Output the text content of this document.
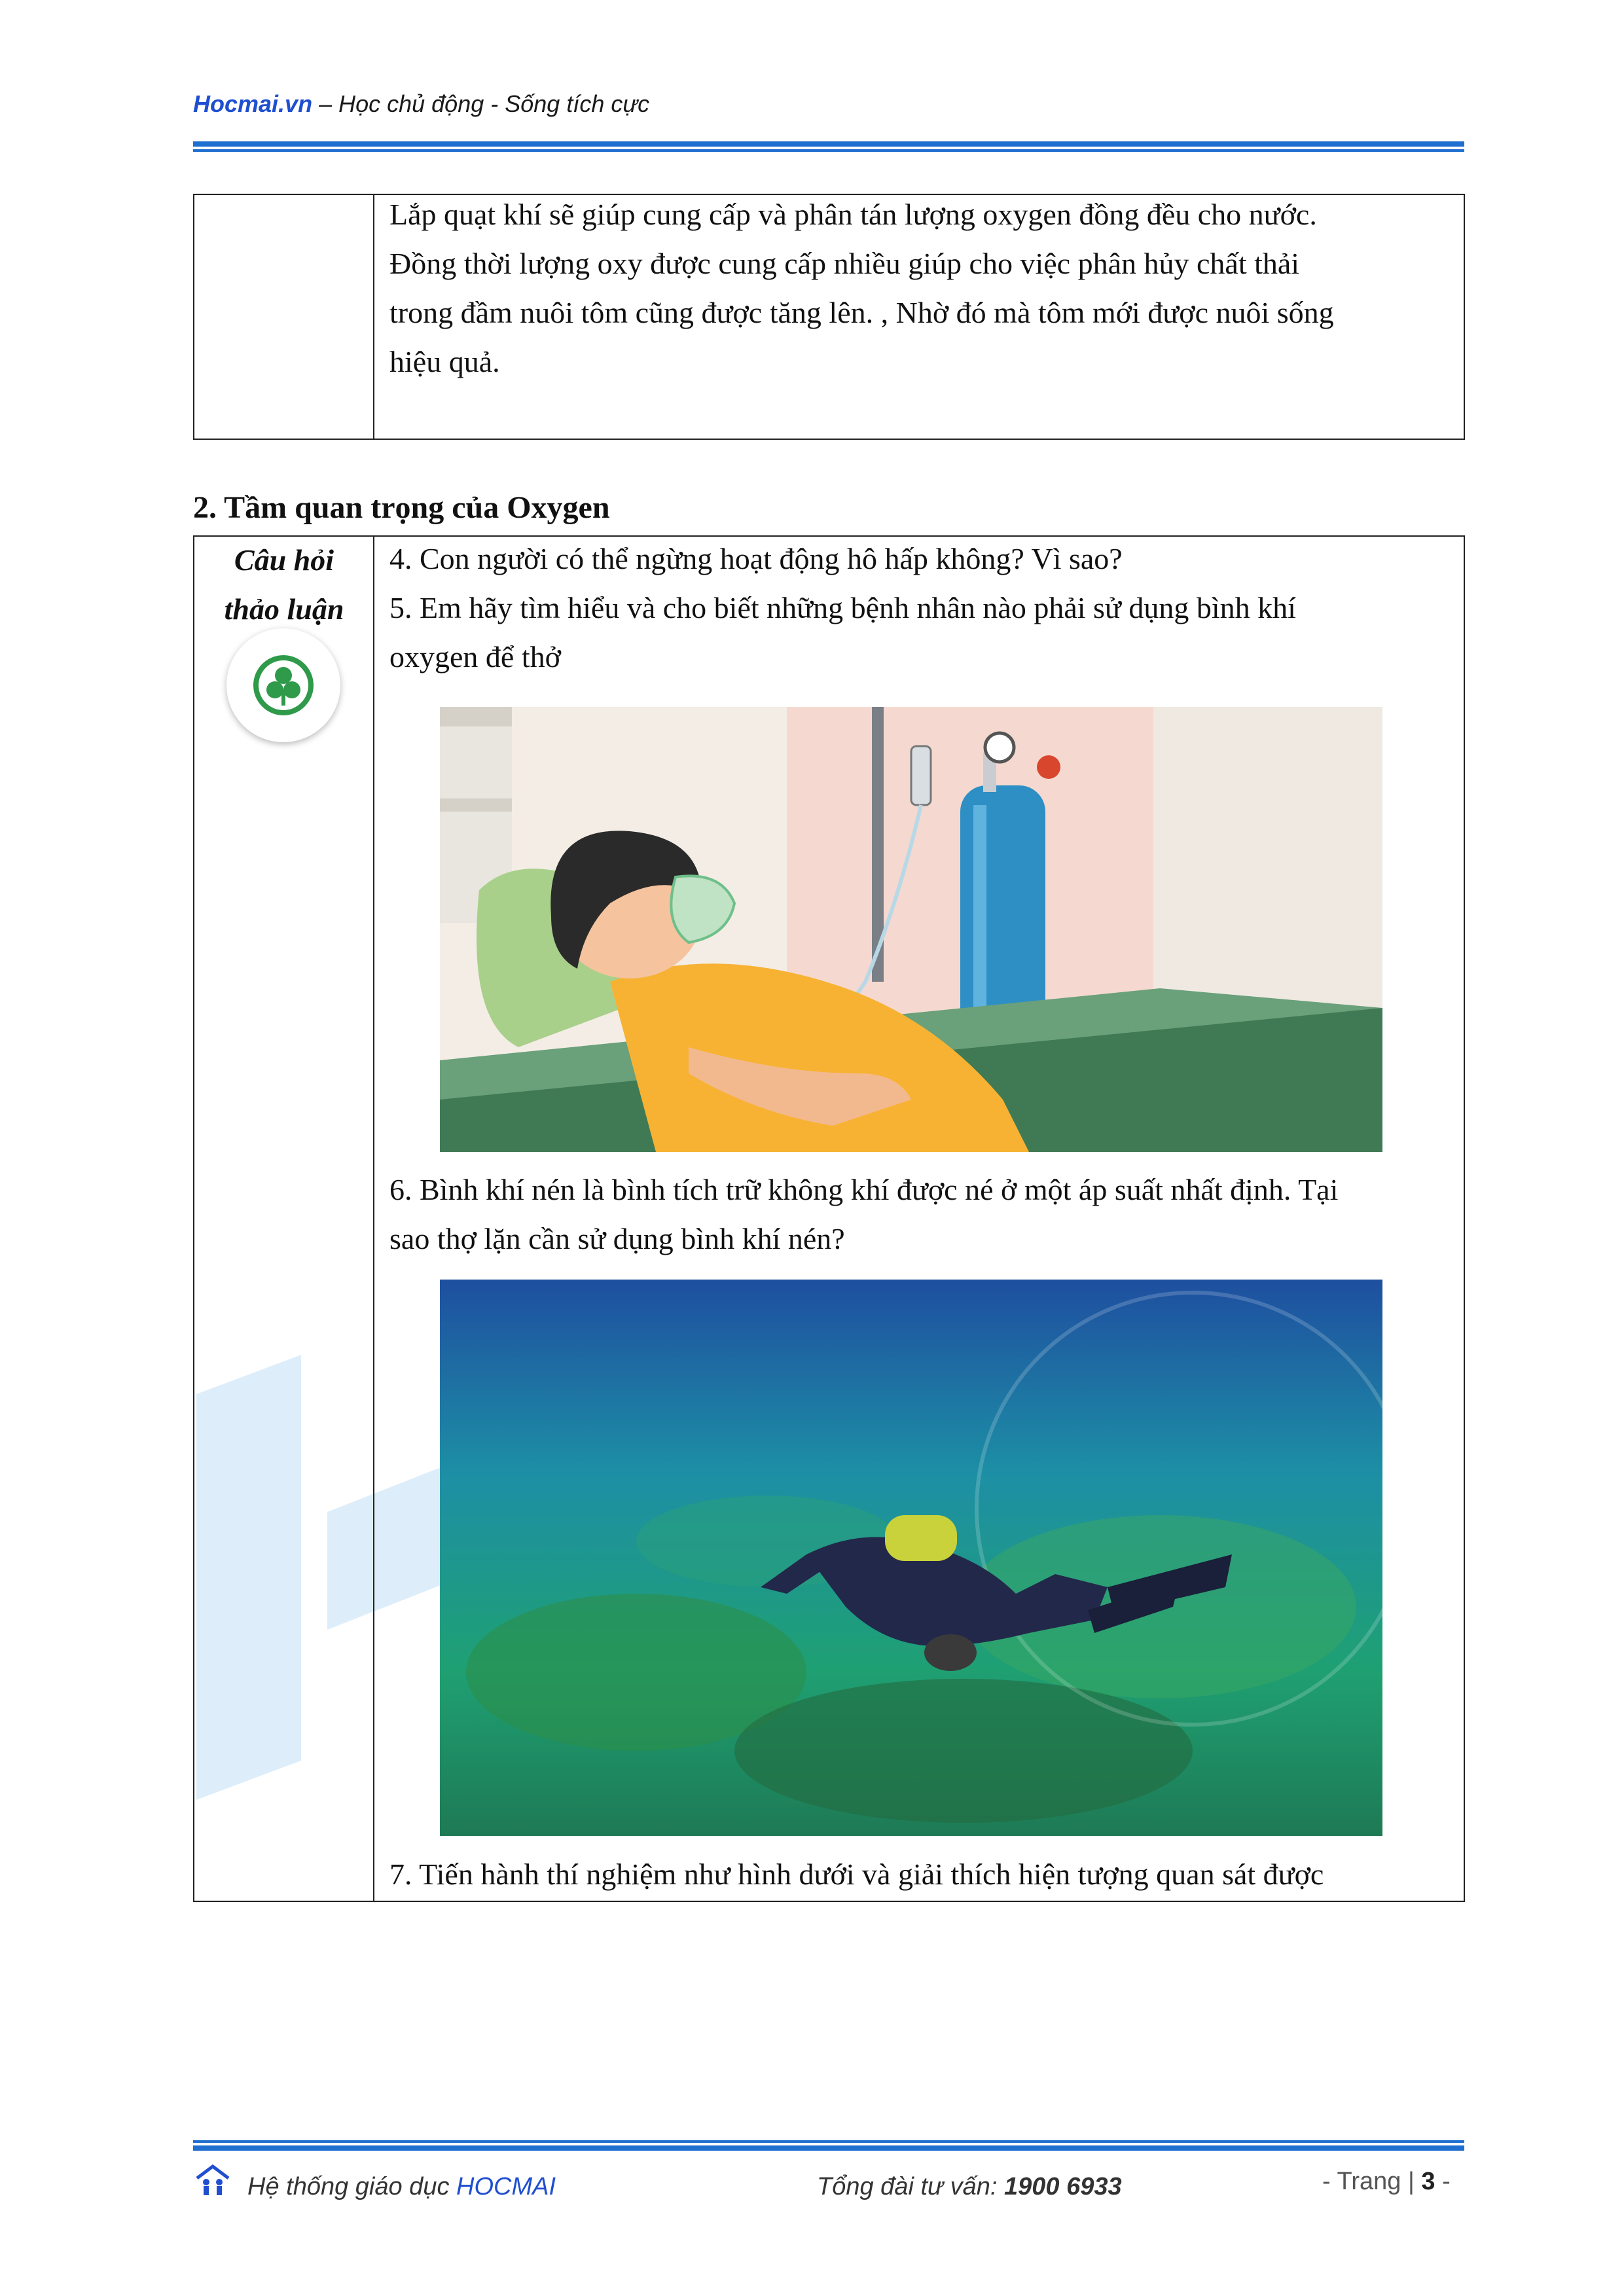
Hocmai.vn – Học chủ động - Sống tích cực
Lắp quạt khí sẽ giúp cung cấp và phân tán lượng oxygen đồng đều cho nước.
Đồng thời lượng oxy được cung cấp nhiều giúp cho việc phân hủy chất thải
trong đầm nuôi tôm cũng được tăng lên. , Nhờ đó mà tôm mới được nuôi sống
hiệu quả.
2. Tầm quan trọng của Oxygen
Câu hỏi
thảo luận
4. Con người có thể ngừng hoạt động hô hấp không? Vì sao?
5. Em hãy tìm hiểu và cho biết những bệnh nhân nào phải sử dụng bình khí
oxygen để thở
6. Bình khí nén là bình tích trữ không khí được né ở một áp suất nhất định. Tại
sao thợ lặn cần sử dụng bình khí nén?
7. Tiến hành thí nghiệm như hình dưới và giải thích hiện tượng quan sát được
Hệ thống giáo dục HOCMAI	Tổng đài tư vấn: 1900 6933	- Trang | 3 -
